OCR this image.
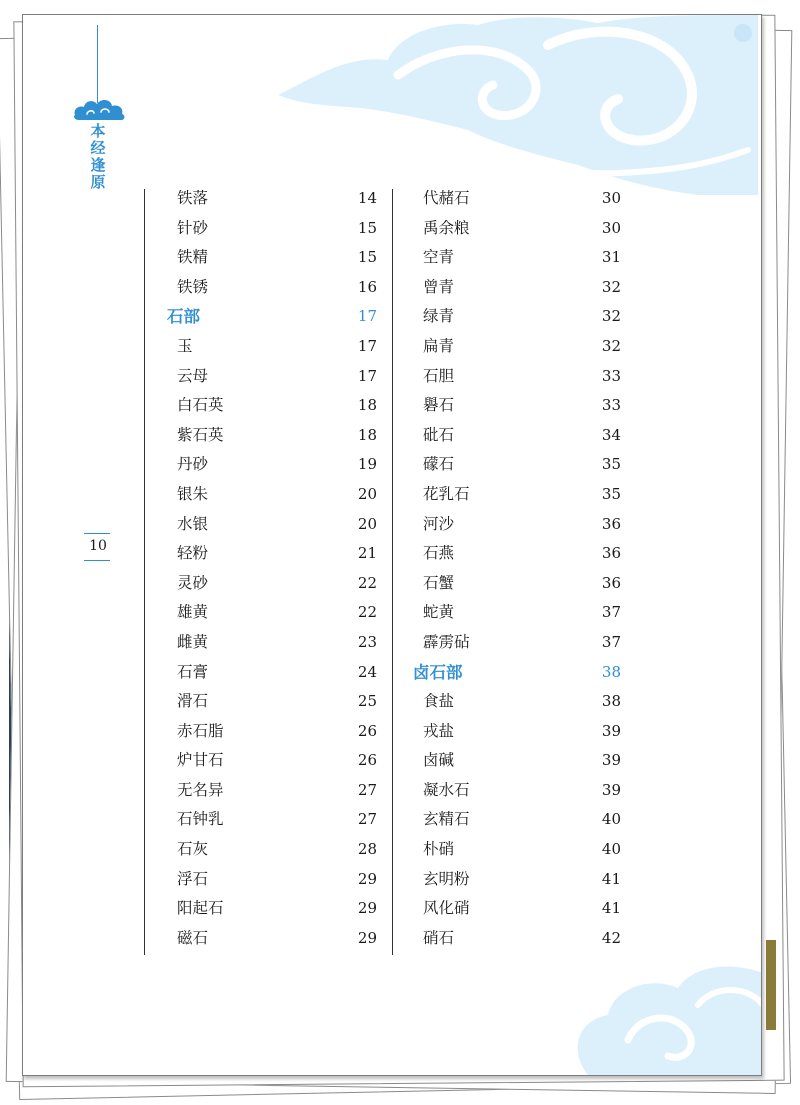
本经逢原
10
铁落	14
针砂	15
铁精	15
铁锈	16
石部	17
玉	17
云母	17
白石英	18
紫石英	18
丹砂	19
银朱	20
水银	20
轻粉	21
灵砂	22
雄黄	22
雌黄	23
石膏	24
滑石	25
赤石脂	26
炉甘石	26
无名异	27
石钟乳	27
石灰	28
浮石	29
阳起石	29
磁石	29
代赭石	30
禹余粮	30
空青	31
曾青	32
绿青	32
扁青	32
石胆	33
礜石	33
砒石	34
礞石	35
花乳石	35
河沙	36
石燕	36
石蟹	36
蛇黄	37
霹雳砧	37
卤石部	38
食盐	38
戎盐	39
卤碱	39
凝水石	39
玄精石	40
朴硝	40
玄明粉	41
风化硝	41
硝石	42
